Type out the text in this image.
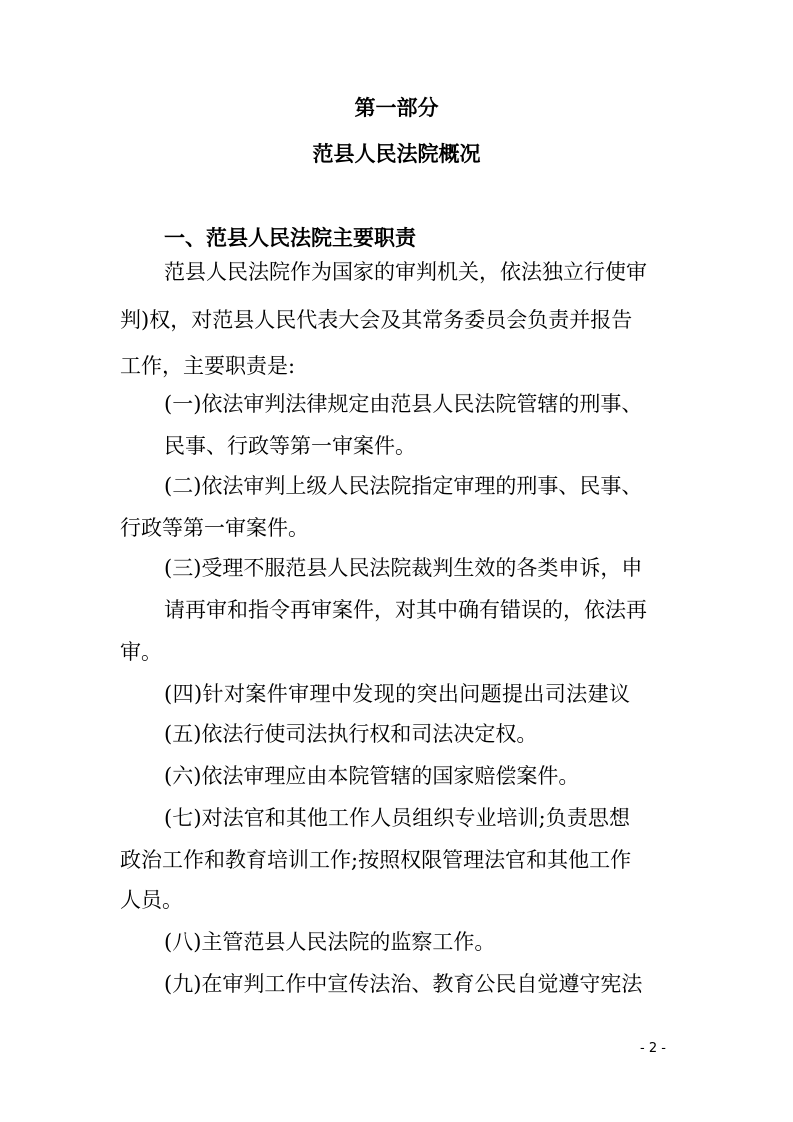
第一部分
范县人民法院概况
一、范县人民法院主要职责
范县人民法院作为国家的审判机关，依法独立行使审
判)权，对范县人民代表大会及其常务委员会负责并报告
工作，主要职责是:
(一)依法审判法律规定由范县人民法院管辖的刑事、
民事、行政等第一审案件。
(二)依法审判上级人民法院指定审理的刑事、民事、
行政等第一审案件。
(三)受理不服范县人民法院裁判生效的各类申诉，申
请再审和指令再审案件，对其中确有错误的，依法再
审。
(四)针对案件审理中发现的突出问题提出司法建议
(五)依法行使司法执行权和司法决定权。
(六)依法审理应由本院管辖的国家赔偿案件。
(七)对法官和其他工作人员组织专业培训;负责思想
政治工作和教育培训工作;按照权限管理法官和其他工作
人员。
(八)主管范县人民法院的监察工作。
(九)在审判工作中宣传法治、教育公民自觉遵守宪法
- 2 -
